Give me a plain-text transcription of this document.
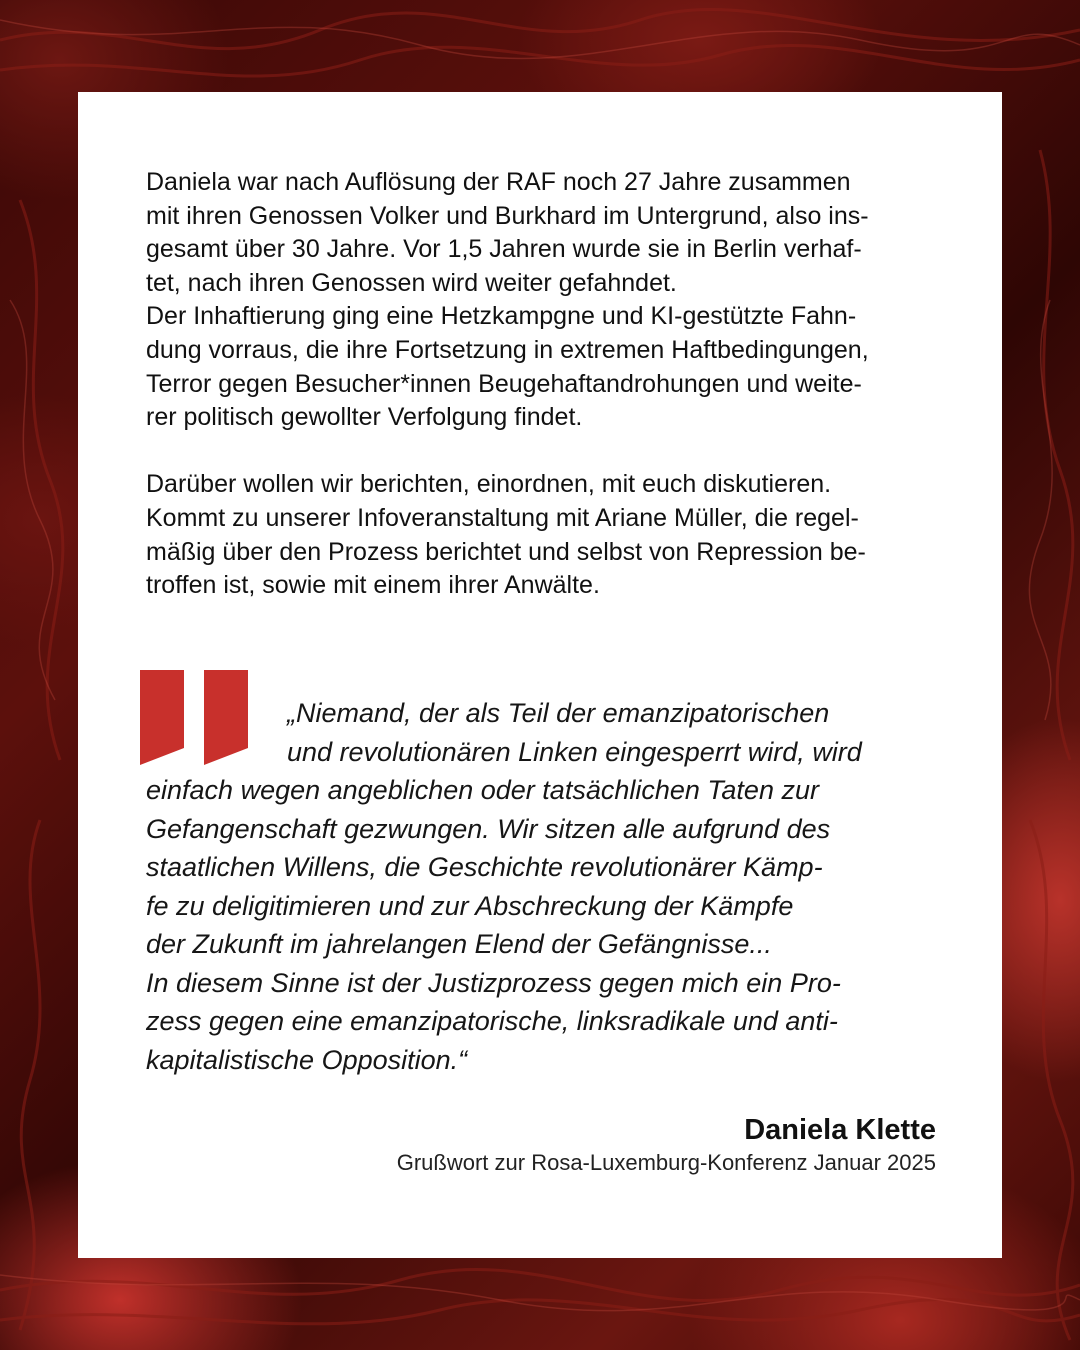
Daniela war nach Auflösung der RAF noch 27 Jahre zusammen
mit ihren Genossen Volker und Burkhard im Untergrund, also ins-
gesamt über 30 Jahre. Vor 1,5 Jahren wurde sie in Berlin verhaf-
tet, nach ihren Genossen wird weiter gefahndet.

Der Inhaftierung ging eine Hetzkampgne und KI-gestützte Fahn-
dung vorraus, die ihre Fortsetzung in extremen Haftbedingungen,
Terror gegen Besucher*innen Beugehaftandrohungen und weite-
rer politisch gewollter Verfolgung findet.

Darüber wollen wir berichten, einordnen, mit euch diskutieren.
Kommt zu unserer Infoveranstaltung mit Ariane Müller, die regel-
mäßig über den Prozess berichtet und selbst von Repression be-
troffen ist, sowie mit einem ihrer Anwälte.

„Niemand, der als Teil der emanzipatorischen
und revolutionären Linken eingesperrt wird, wird
einfach wegen angeblichen oder tatsächlichen Taten zur
Gefangenschaft gezwungen. Wir sitzen alle aufgrund des
staatlichen Willens, die Geschichte revolutionärer Kämp-
fe zu deligitimieren und zur Abschreckung der Kämpfe
der Zukunft im jahrelangen Elend der Gefängnisse...
In diesem Sinne ist der Justizprozess gegen mich ein Pro-
zess gegen eine emanzipatorische, linksradikale und anti-
kapitalistische Opposition.“

Daniela Klette
Grußwort zur Rosa-Luxemburg-Konferenz Januar 2025
